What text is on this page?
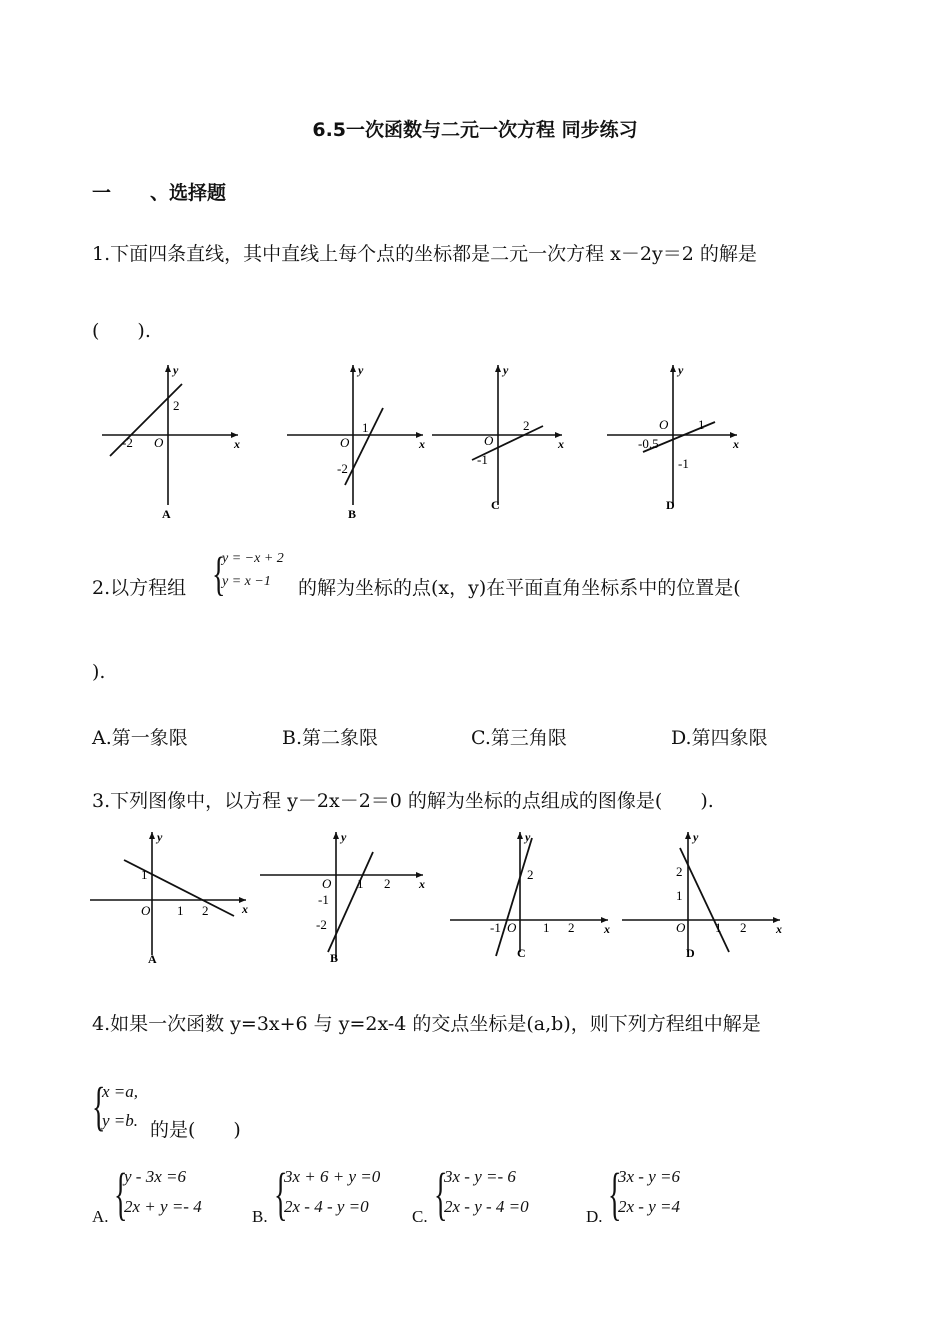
6.5一次函数与二元一次方程 同步练习
一 、选择题
1.下面四条直线，其中直线上每个点的坐标都是二元一次方程 x－2y＝2 的解是
(　　).
x
y
-2 O
2
A
x
y
O
1
-2
B
x
y
O
2
-1
C
x
y
O 1
-0.5
-1
D
2.以方程组 {
y = −x + 2
y = x −1 的解为坐标的点(x，y)在平面直角坐标系中的位置是(
).
A.第一象限	B.第二象限	C.第三角限	D.第四象限
3.下列图像中，以方程 y－2x－2＝0 的解为坐标的点组成的图像是(　　).
x
y
1
O 1 2
A
x
y
O 1 2
-1
-2
B
x
y
2
-1 O 1 2
C
x
y
2
1
O 1 2
D
4.如果一次函数 y=3x+6 与 y=2x-4 的交点坐标是(a,b)，则下列方程组中解是
{
x =a,
y =b. 的是(　　)
A. {
y - 3x =6
2x + y =- 4
B. {
3x + 6 + y =0
2x - 4 - y =0
C. {
3x - y =- 6
2x - y - 4 =0
D. {
3x - y =6
2x - y =4
